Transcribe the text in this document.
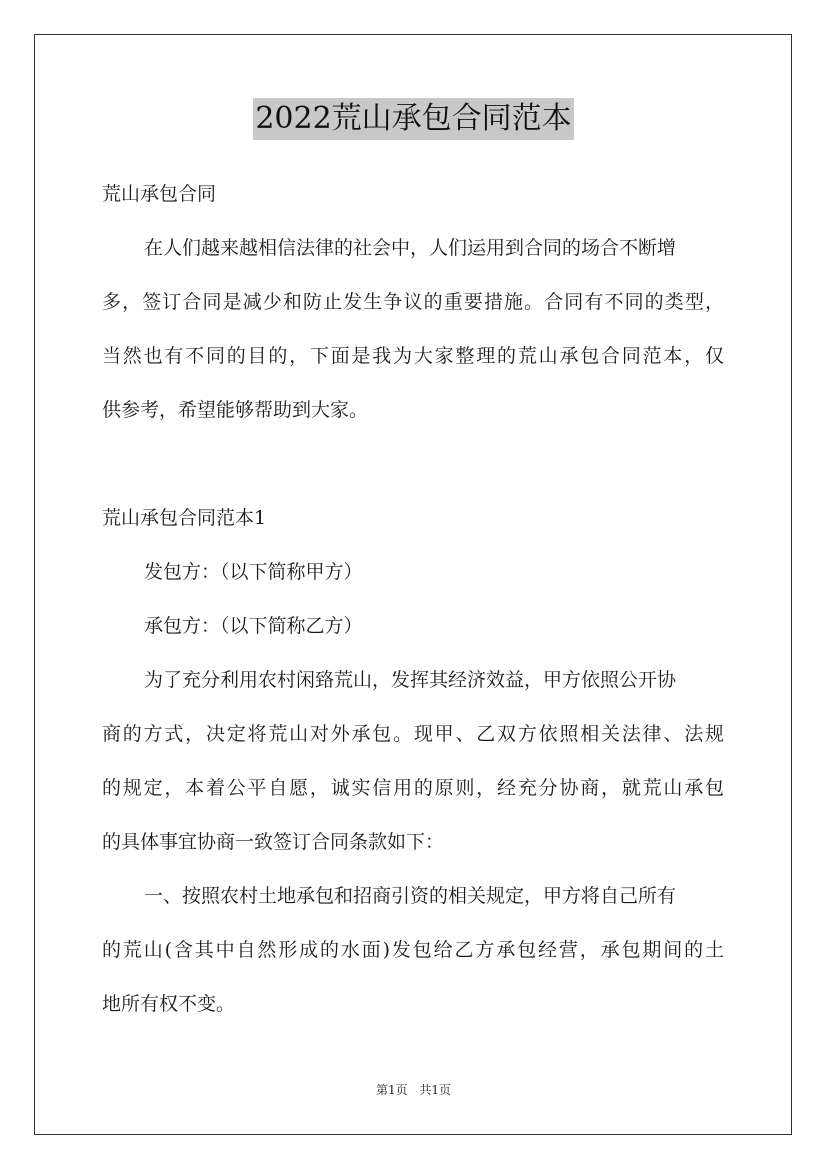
2022荒山承包合同范本
荒山承包合同
在人们越来越相信法律的社会中，人们运用到合同的场合不断增
多，签订合同是减少和防止发生争议的重要措施。合同有不同的类型，
当然也有不同的目的，下面是我为大家整理的荒山承包合同范本，仅
供参考，希望能够帮助到大家。
荒山承包合同范本1
发包方：（以下简称甲方）
承包方：（以下简称乙方）
为了充分利用农村闲臵荒山，发挥其经济效益，甲方依照公开协
商的方式，决定将荒山对外承包。现甲、乙双方依照相关法律、法规
的规定，本着公平自愿，诚实信用的原则，经充分协商，就荒山承包
的具体事宜协商一致签订合同条款如下：
一、按照农村土地承包和招商引资的相关规定，甲方将自己所有
的荒山(含其中自然形成的水面)发包给乙方承包经营，承包期间的土
地所有权不变。
第1页 共1页
